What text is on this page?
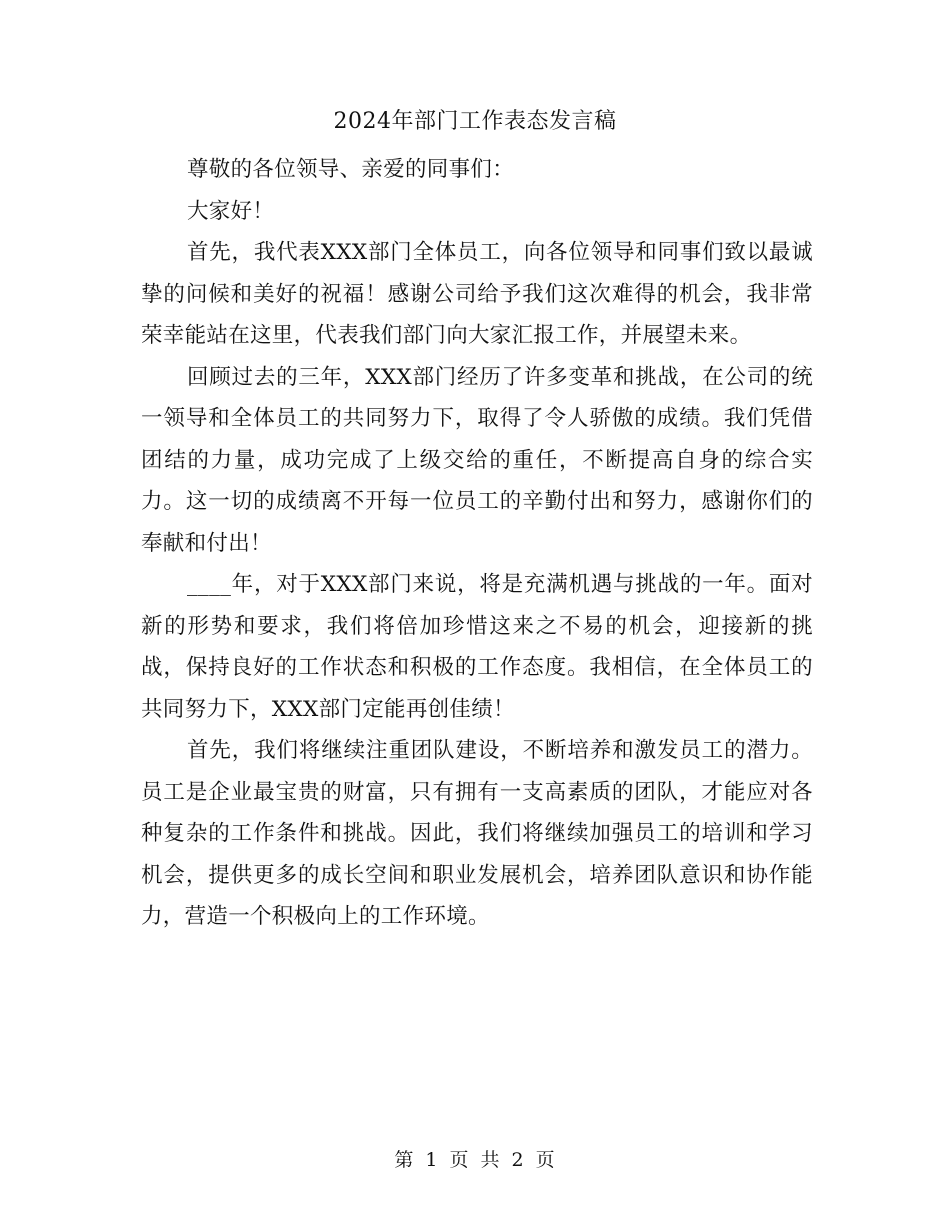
2024年部门工作表态发言稿

尊敬的各位领导、亲爱的同事们：

大家好！

首先，我代表XXX部门全体员工，向各位领导和同事们致以最诚挚的问候和美好的祝福！感谢公司给予我们这次难得的机会，我非常荣幸能站在这里，代表我们部门向大家汇报工作，并展望未来。

回顾过去的三年，XXX部门经历了许多变革和挑战，在公司的统一领导和全体员工的共同努力下，取得了令人骄傲的成绩。我们凭借团结的力量，成功完成了上级交给的重任，不断提高自身的综合实力。这一切的成绩离不开每一位员工的辛勤付出和努力，感谢你们的奉献和付出！

____年，对于XXX部门来说，将是充满机遇与挑战的一年。面对新的形势和要求，我们将倍加珍惜这来之不易的机会，迎接新的挑战，保持良好的工作状态和积极的工作态度。我相信，在全体员工的共同努力下，XXX部门定能再创佳绩！

首先，我们将继续注重团队建设，不断培养和激发员工的潜力。员工是企业最宝贵的财富，只有拥有一支高素质的团队，才能应对各种复杂的工作条件和挑战。因此，我们将继续加强员工的培训和学习机会，提供更多的成长空间和职业发展机会，培养团队意识和协作能力，营造一个积极向上的工作环境。

第 1 页 共 2 页
